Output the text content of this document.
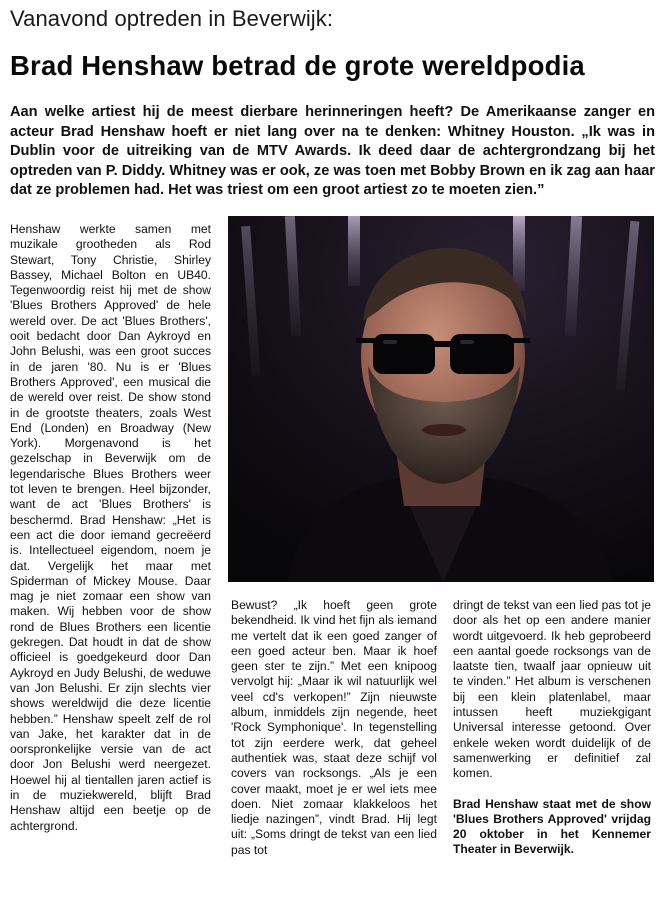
Vanavond optreden in Beverwijk:
Brad Henshaw betrad de grote wereldpodia
Aan welke artiest hij de meest dierbare herinneringen heeft? De Amerikaanse zanger en acteur Brad Henshaw hoeft er niet lang over na te denken: Whitney Houston. „Ik was in Dublin voor de uitreiking van de MTV Awards. Ik deed daar de achtergrondzang bij het optreden van P. Diddy. Whitney was er ook, ze was toen met Bobby Brown en ik zag aan haar dat ze problemen had. Het was triest om een groot artiest zo te moeten zien.”

Henshaw werkte samen met muzikale grootheden als Rod Stewart, Tony Christie, Shirley Bassey, Michael Bolton en UB40. Tegenwoordig reist hij met de show 'Blues Brothers Approved' de hele wereld over. De act 'Blues Brothers', ooit bedacht door Dan Aykroyd en John Belushi, was een groot succes in de jaren '80. Nu is er 'Blues Brothers Approved', een musical die de wereld over reist. De show stond in de grootste theaters, zoals West End (Londen) en Broadway (New York). Morgenavond is het gezelschap in Beverwijk om de legendarische Blues Brothers weer tot leven te brengen. Heel bijzonder, want de act 'Blues Brothers' is beschermd. Brad Henshaw: „Het is een act die door iemand gecreëerd is. Intellectueel eigendom, noem je dat. Vergelijk het maar met Spiderman of Mickey Mouse. Daar mag je niet zomaar een show van maken. Wij hebben voor de show rond de Blues Brothers een licentie gekregen. Dat houdt in dat de show officieel is goedgekeurd door Dan Aykroyd en Judy Belushi, de weduwe van Jon Belushi. Er zijn slechts vier shows wereldwijd die deze licentie hebben.” Henshaw speelt zelf de rol van Jake, het karakter dat in de oorspronkelijke versie van de act door Jon Belushi werd neergezet. Hoewel hij al tientallen jaren actief is in de muziekwereld, blijft Brad Henshaw altijd een beetje op de achtergrond.

Bewust? „Ik hoeft geen grote bekendheid. Ik vind het fijn als iemand me vertelt dat ik een goed zanger of een goed acteur ben. Maar ik hoef geen ster te zijn.” Met een knipoog vervolgt hij: „Maar ik wil natuurlijk wel veel cd's verkopen!” Zijn nieuwste album, inmiddels zijn negende, heet 'Rock Symphonique'. In tegenstelling tot zijn eerdere werk, dat geheel authentiek was, staat deze schijf vol covers van rocksongs. „Als je een cover maakt, moet je er wel iets mee doen. Niet zomaar klakkeloos het liedje nazingen”, vindt Brad. Hij legt uit: „Soms dringt de tekst van een lied pas tot

dringt de tekst van een lied pas tot je door als het op een andere manier wordt uitgevoerd. Ik heb geprobeerd een aantal goede rocksongs van de laatste tien, twaalf jaar opnieuw uit te vinden.” Het album is verschenen bij een klein platenlabel, maar intussen heeft muziekgigant Universal interesse getoond. Over enkele weken wordt duidelijk of de samenwerking er definitief zal komen.

Brad Henshaw staat met de show 'Blues Brothers Approved' vrijdag 20 oktober in het Kennemer Theater in Beverwijk.
